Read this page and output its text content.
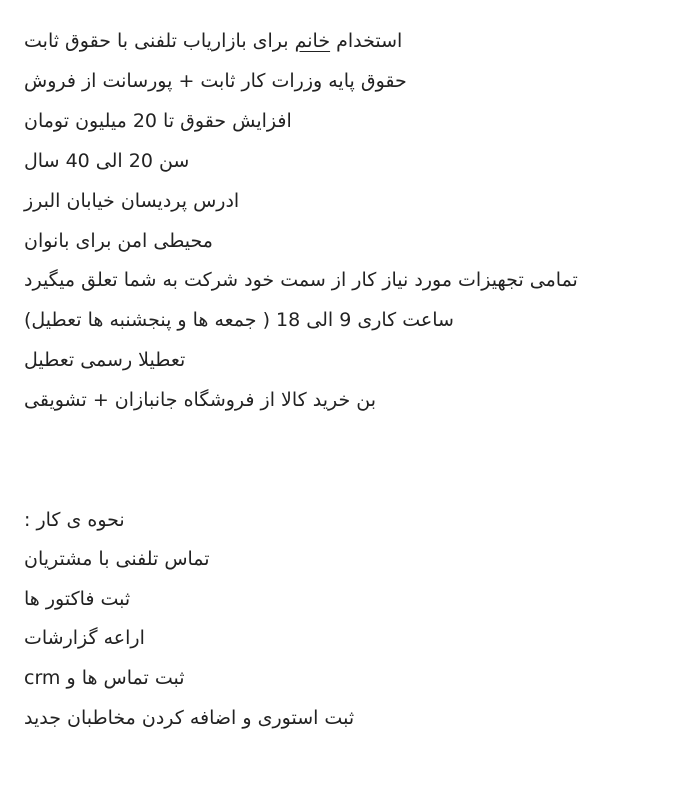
استخدام خانم برای بازاریاب تلفنی با حقوق ثابت
حقوق پایه وزرات کار ثابت + پورسانت از فروش
افزایش حقوق تا 20 میلیون تومان
سن 20 الی 40 سال
ادرس پردیسان خیابان البرز
محیطی امن برای بانوان
تمامی تجهیزات مورد نیاز کار از سمت خود شرکت به شما تعلق میگیرد
ساعت کاری 9 الی 18 ( جمعه ها و پنجشنبه ها تعطیل)
تعطیلا رسمی تعطیل
بن خرید کالا از فروشگاه جانبازان + تشویقی
نحوه ی کار :
تماس تلفنی با مشتریان
ثبت فاکتور ها
اراعه گزارشات
ثبت تماس ها و crm
ثبت استوری و اضافه کردن مخاطبان جدید
